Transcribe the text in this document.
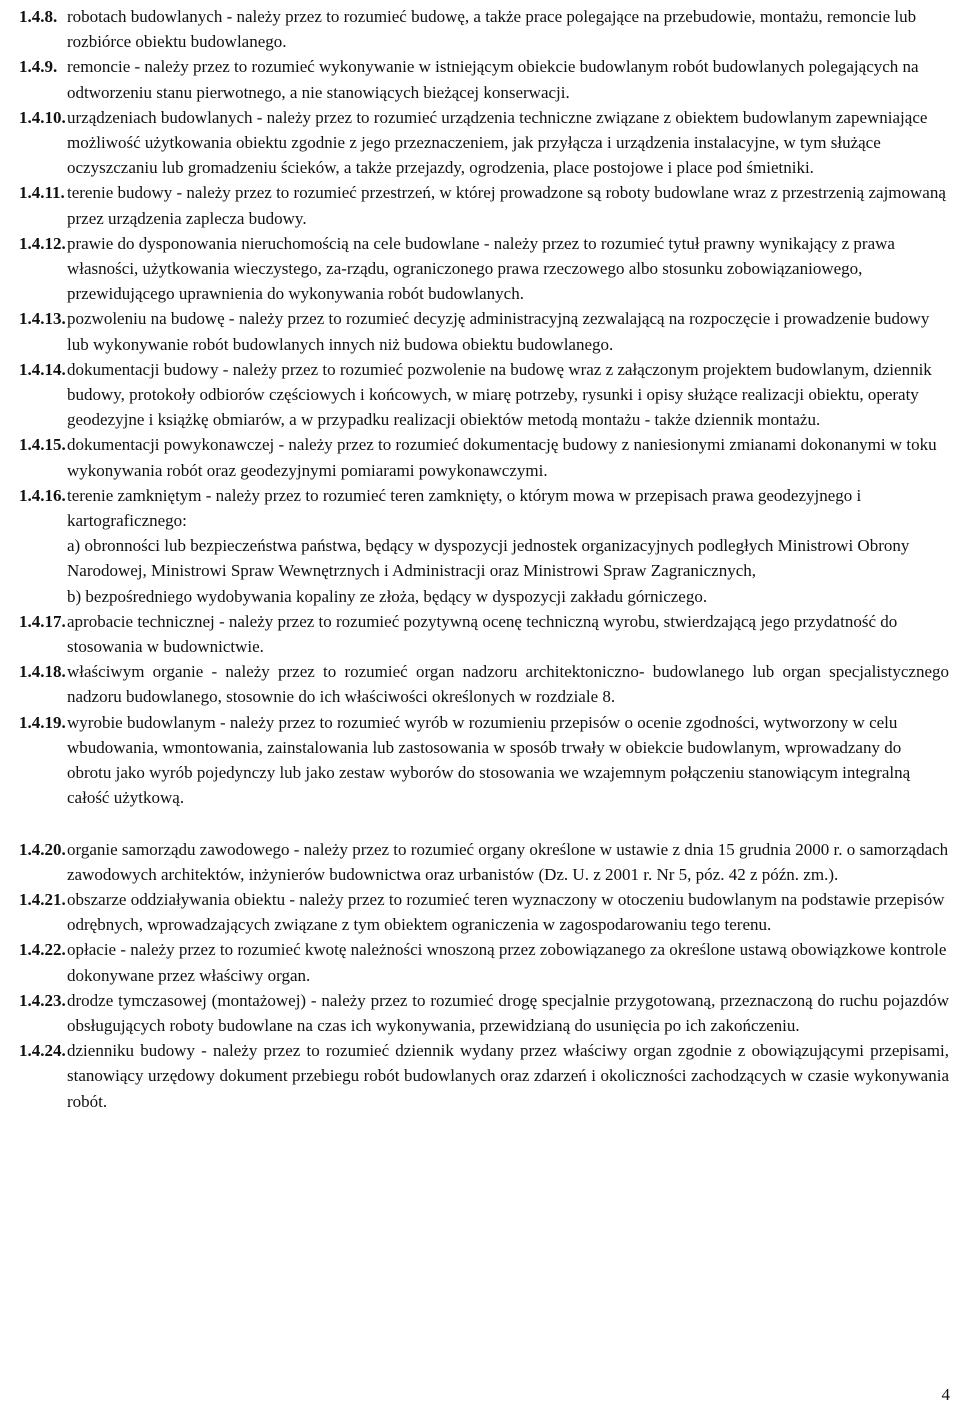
1.4.8. robotach budowlanych - należy przez to rozumieć budowę, a także prace polegające na przebudowie, montażu, remoncie lub rozbiórce obiektu budowlanego.
1.4.9. remoncie - należy przez to rozumieć wykonywanie w istniejącym obiekcie budowlanym robót budowlanych polegających na odtworzeniu stanu pierwotnego, a nie stanowiących bieżącej konserwacji.
1.4.10. urządzeniach budowlanych - należy przez to rozumieć urządzenia techniczne związane z obiektem budowlanym zapewniające możliwość użytkowania obiektu zgodnie z jego przeznaczeniem, jak przyłącza i urządzenia instalacyjne, w tym służące oczyszczaniu lub gromadzeniu ścieków, a także przejazdy, ogrodzenia, place postojowe i place pod śmietniki.
1.4.11. terenie budowy - należy przez to rozumieć przestrzeń, w której prowadzone są roboty budowlane wraz z przestrzenią zajmowaną przez urządzenia zaplecza budowy.
1.4.12. prawie do dysponowania nieruchomością na cele budowlane - należy przez to rozumieć tytuł prawny wynikający z prawa własności, użytkowania wieczystego, za-rządu, ograniczonego prawa rzeczowego albo stosunku zobowiązaniowego, przewidującego uprawnienia do wykonywania robót budowlanych.
1.4.13. pozwoleniu na budowę - należy przez to rozumieć decyzję administracyjną zezwalającą na rozpoczęcie i prowadzenie budowy lub wykonywanie robót budowlanych innych niż budowa obiektu budowlanego.
1.4.14. dokumentacji budowy - należy przez to rozumieć pozwolenie na budowę wraz z załączonym projektem budowlanym, dziennik budowy, protokoły odbiorów częściowych i końcowych, w miarę potrzeby, rysunki i opisy służące realizacji obiektu, operaty geodezyjne i książkę obmiarów, a w przypadku realizacji obiektów metodą montażu - także dziennik montażu.
1.4.15. dokumentacji powykonawczej - należy przez to rozumieć dokumentację budowy z naniesionymi zmianami dokonanymi w toku wykonywania robót oraz geodezyjnymi pomiarami powykonawczymi.
1.4.16. terenie zamkniętym - należy przez to rozumieć teren zamknięty, o którym mowa w przepisach prawa geodezyjnego i kartograficznego:
a) obronności lub bezpieczeństwa państwa, będący w dyspozycji jednostek organizacyjnych podległych Ministrowi Obrony Narodowej, Ministrowi Spraw Wewnętrznych i Administracji oraz Ministrowi Spraw Zagranicznych,
b) bezpośredniego wydobywania kopaliny ze złoża, będący w dyspozycji zakładu górniczego.
1.4.17. aprobacie technicznej - należy przez to rozumieć pozytywną ocenę techniczną wyrobu, stwierdzającą jego przydatność do stosowania w budownictwie.
1.4.18. właściwym organie - należy przez to rozumieć organ nadzoru architektoniczno- budowlanego lub organ specjalistycznego nadzoru budowlanego, stosownie do ich właściwości określonych w rozdziale 8.
1.4.19. wyrobie budowlanym - należy przez to rozumieć wyrób w rozumieniu przepisów o ocenie zgodności, wytworzony w celu wbudowania, wmontowania, zainstalowania lub zastosowania w sposób trwały w obiekcie budowlanym, wprowadzany do obrotu jako wyrób pojedynczy lub jako zestaw wyborów do stosowania we wzajemnym połączeniu stanowiącym integralną całość użytkową.
1.4.20. organie samorządu zawodowego - należy przez to rozumieć organy określone w ustawie z dnia 15 grudnia 2000 r. o samorządach zawodowych architektów, inżynierów budownictwa oraz urbanistów (Dz. U. z 2001 r. Nr 5, póz. 42 z późn. zm.).
1.4.21. obszarze oddziaływania obiektu - należy przez to rozumieć teren wyznaczony w otoczeniu budowlanym na podstawie przepisów odrębnych, wprowadzających związane z tym obiektem ograniczenia w zagospodarowaniu tego terenu.
1.4.22. opłacie - należy przez to rozumieć kwotę należności wnoszoną przez zobowiązanego za określone ustawą obowiązkowe kontrole dokonywane przez właściwy organ.
1.4.23. drodze tymczasowej (montażowej) - należy przez to rozumieć drogę specjalnie przygotowaną, przeznaczoną do ruchu pojazdów obsługujących roboty budowlane na czas ich wykonywania, przewidzianą do usunięcia po ich zakończeniu.
1.4.24. dzienniku budowy - należy przez to rozumieć dziennik wydany przez właściwy organ zgodnie z obowiązującymi przepisami, stanowiący urzędowy dokument przebiegu robót budowlanych oraz zdarzeń i okoliczności zachodzących w czasie wykonywania robót.
4
